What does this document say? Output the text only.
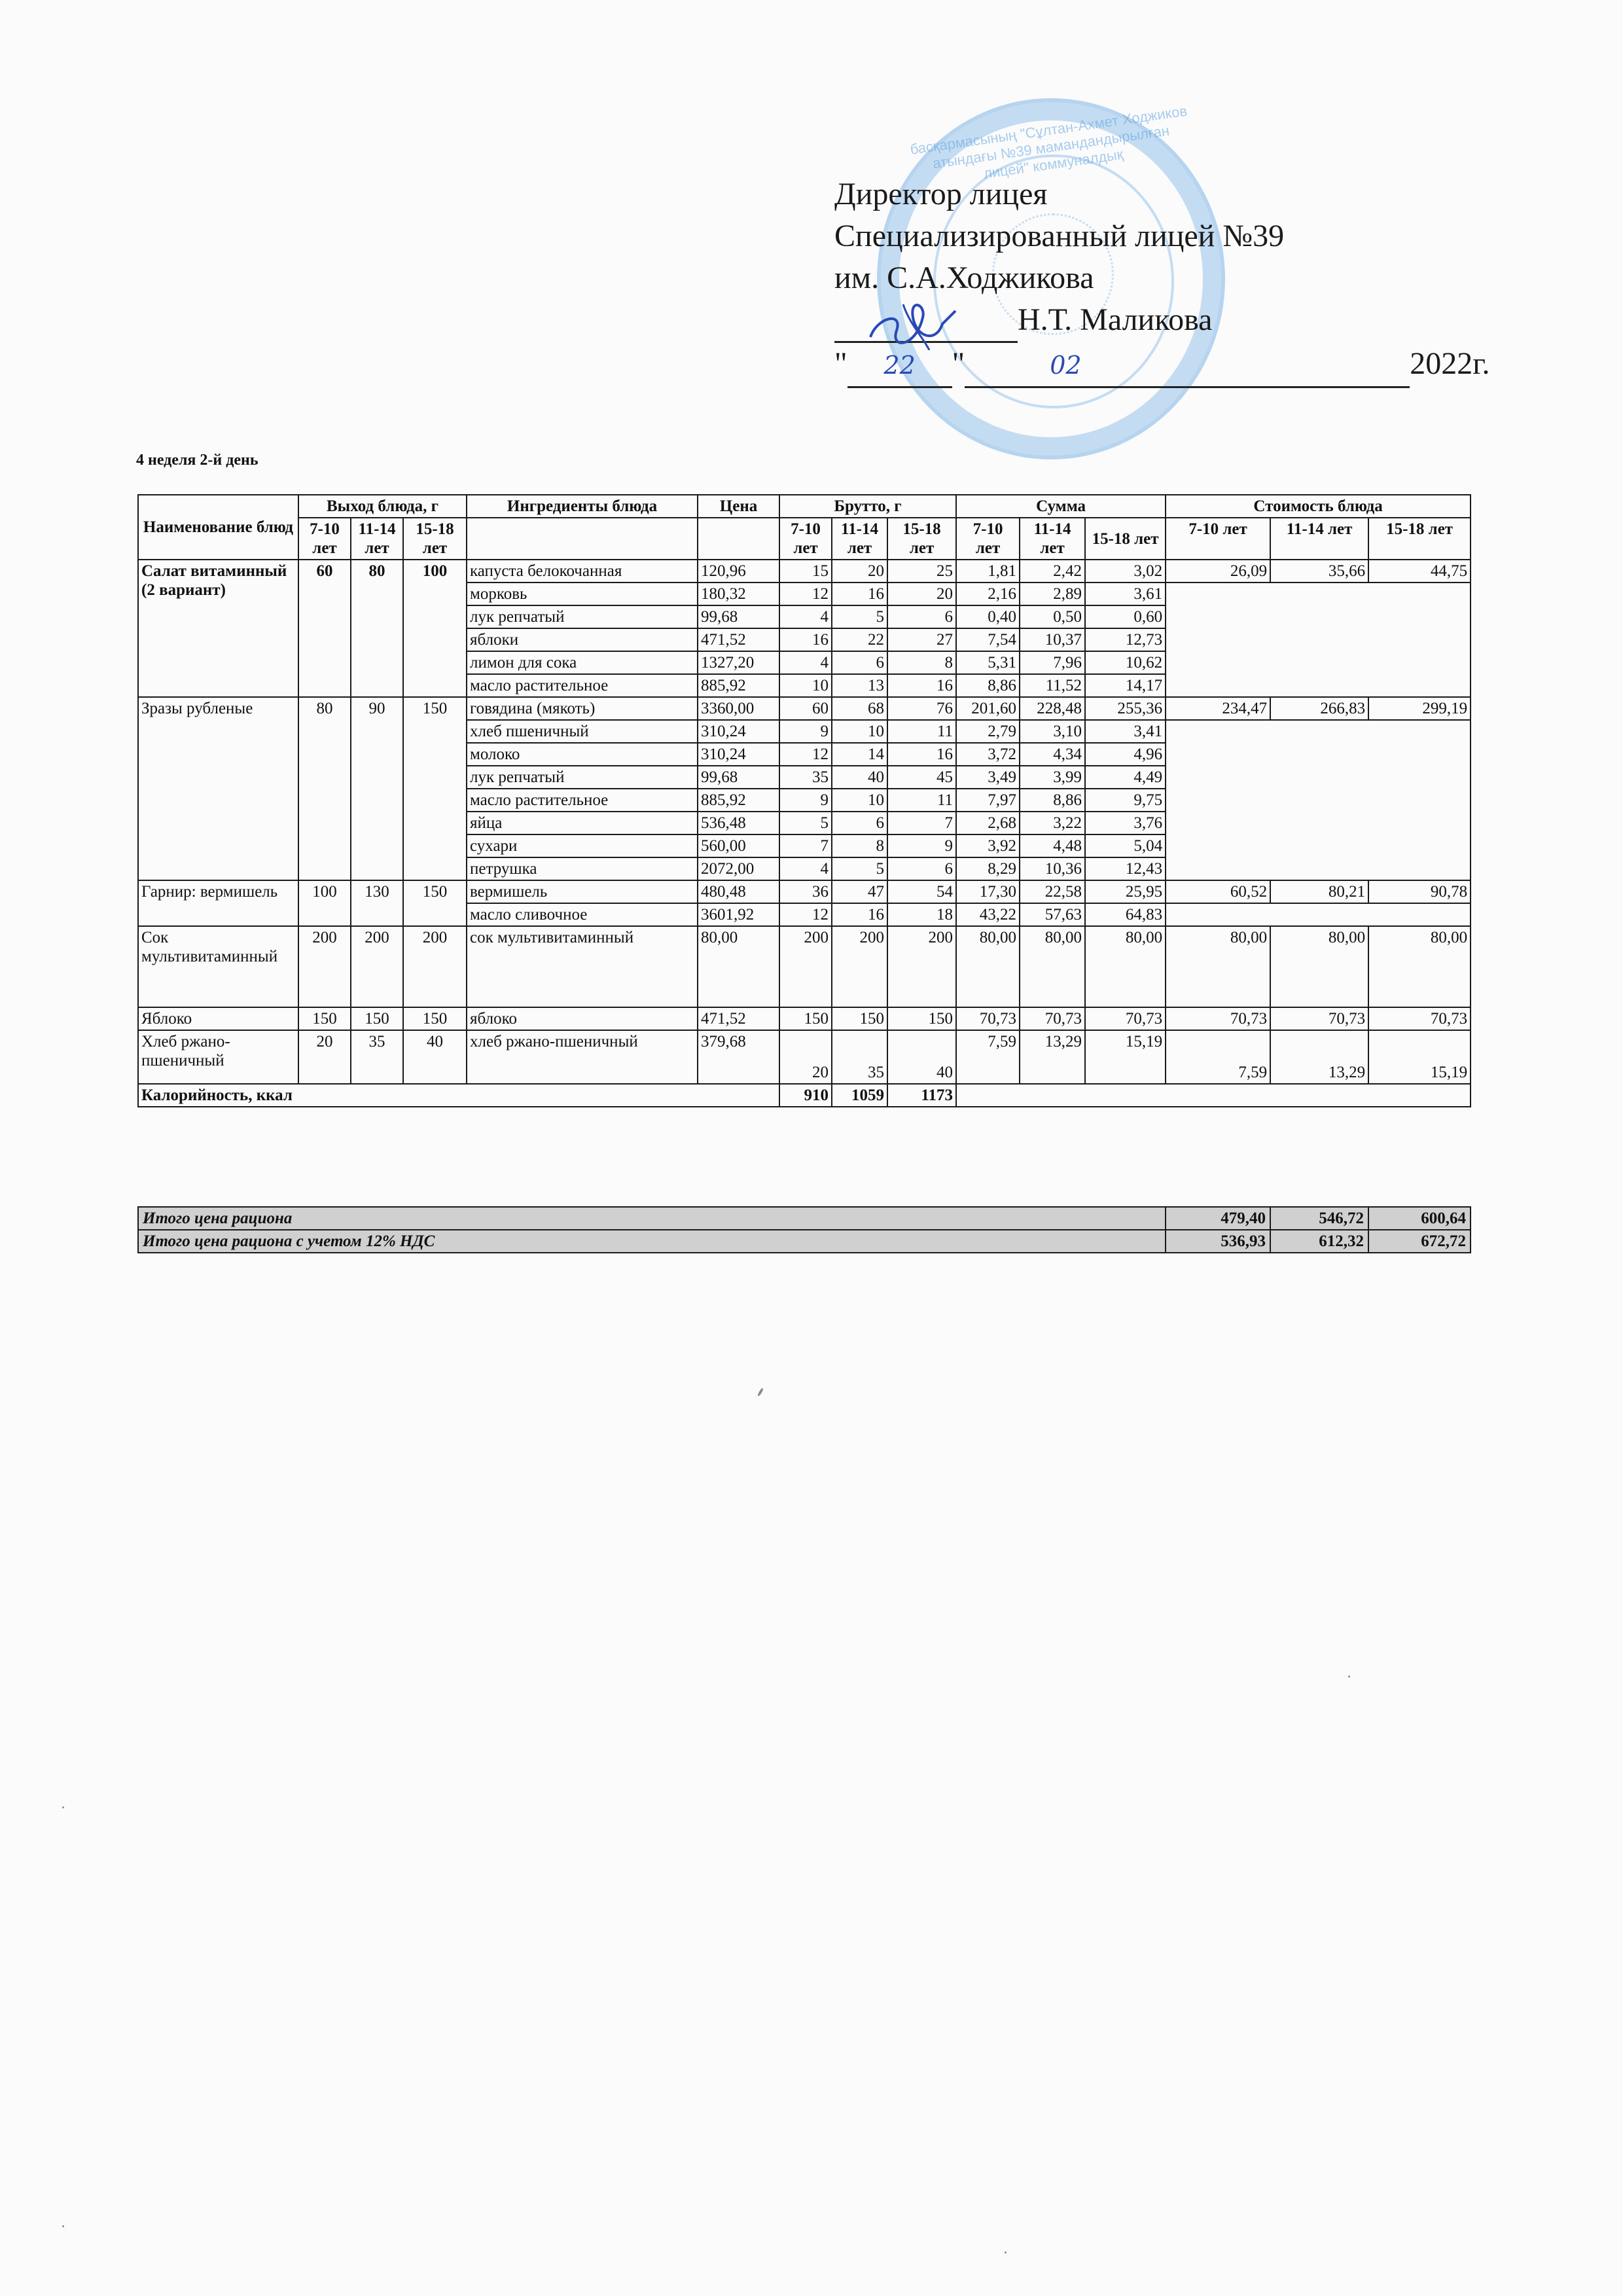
басқармасының "Сұлтан-Ахмет Ходжиков атындағы №39 мамандандырылған лицей" коммуналдық
Директор лицея
Специализированный лицей №39
им. С.А.Ходжикова
Н.Т. Маликова
" 22 "	02	2022г.
4 неделя 2-й день
Наименование блюд	Выход блюда, г			Ингредиенты блюда	Цена	Брутто, г			Сумма			Стоимость блюда		
	7-10 лет	11-14 лет	15-18 лет			7-10 лет	11-14 лет	15-18 лет	7-10 лет	11-14 лет	15-18 лет	7-10 лет	11-14 лет	15-18 лет
Салат витаминный (2 вариант)	60	80	100	капуста белокочанная	120,96	15	20	25	1,81	2,42	3,02	26,09	35,66	44,75
				морковь	180,32	12	16	20	2,16	2,89	3,61			
				лук репчатый	99,68	4	5	6	0,40	0,50	0,60			
				яблоки	471,52	16	22	27	7,54	10,37	12,73			
				лимон для сока	1327,20	4	6	8	5,31	7,96	10,62			
				масло растительное	885,92	10	13	16	8,86	11,52	14,17			
Зразы рубленые	80	90	150	говядина (мякоть)	3360,00	60	68	76	201,60	228,48	255,36	234,47	266,83	299,19
				хлеб пшеничный	310,24	9	10	11	2,79	3,10	3,41			
				молоко	310,24	12	14	16	3,72	4,34	4,96			
				лук репчатый	99,68	35	40	45	3,49	3,99	4,49			
				масло растительное	885,92	9	10	11	7,97	8,86	9,75			
				яйца	536,48	5	6	7	2,68	3,22	3,76			
				сухари	560,00	7	8	9	3,92	4,48	5,04			
				петрушка	2072,00	4	5	6	8,29	10,36	12,43			
Гарнир: вермишель	100	130	150	вермишель	480,48	36	47	54	17,30	22,58	25,95	60,52	80,21	90,78
				масло сливочное	3601,92	12	16	18	43,22	57,63	64,83			
Сок мультивитаминный	200	200	200	сок мультивитаминный	80,00	200	200	200	80,00	80,00	80,00	80,00	80,00	80,00
Яблоко	150	150	150	яблоко	471,52	150	150	150	70,73	70,73	70,73	70,73	70,73	70,73
Хлеб ржано-пшеничный	20	35	40	хлеб ржано-пшеничный	379,68	20	35	40	7,59	13,29	15,19	7,59	13,29	15,19
Калорийность, ккал						910	1059	1173						
Итого цена рациона	479,40	546,72	600,64
Итого цена рациона с учетом 12% НДС	536,93	612,32	672,72
